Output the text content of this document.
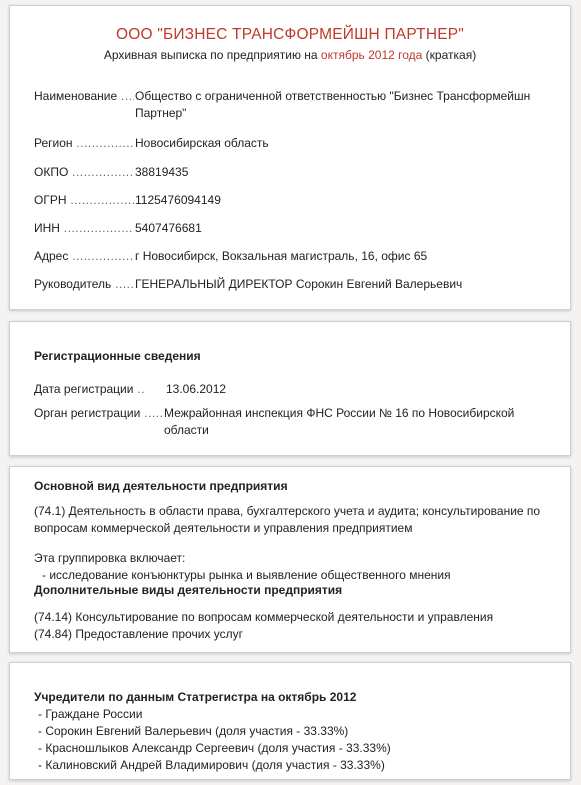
ООО "БИЗНЕС ТРАНСФОРМЕЙШН ПАРТНЕР"
Архивная выписка по предприятию на октябрь 2012 года (краткая)
Наименование .....	Общество с ограниченной ответственностью "Бизнес Трансформейшн Партнер"
Регион .....	Новосибирская область
ОКПО .....	38819435
ОГРН .....	1125476094149
ИНН .....	5407476681
Адрес .....	г Новосибирск, Вокзальная магистраль, 16, офис 65
Руководитель .....	ГЕНЕРАЛЬНЫЙ ДИРЕКТОР Сорокин Евгений Валерьевич
Регистрационные сведения
Дата регистрации .....	13.06.2012
Орган регистрации .....	Межрайонная инспекция ФНС России № 16 по Новосибирской области
Основной вид деятельности предприятия
(74.1) Деятельность в области права, бухгалтерского учета и аудита; консультирование по вопросам коммерческой деятельности и управления предприятием
Эта группировка включает:
- исследование конъюнктуры рынка и выявление общественного мнения
Дополнительные виды деятельности предприятия
(74.14) Консультирование по вопросам коммерческой деятельности и управления
(74.84) Предоставление прочих услуг
Учредители по данным Статрегистра на октябрь 2012
- Граждане России
- Сорокин Евгений Валерьевич (доля участия - 33.33%)
- Красношлыков Александр Сергеевич (доля участия - 33.33%)
- Калиновский Андрей Владимирович (доля участия - 33.33%)
